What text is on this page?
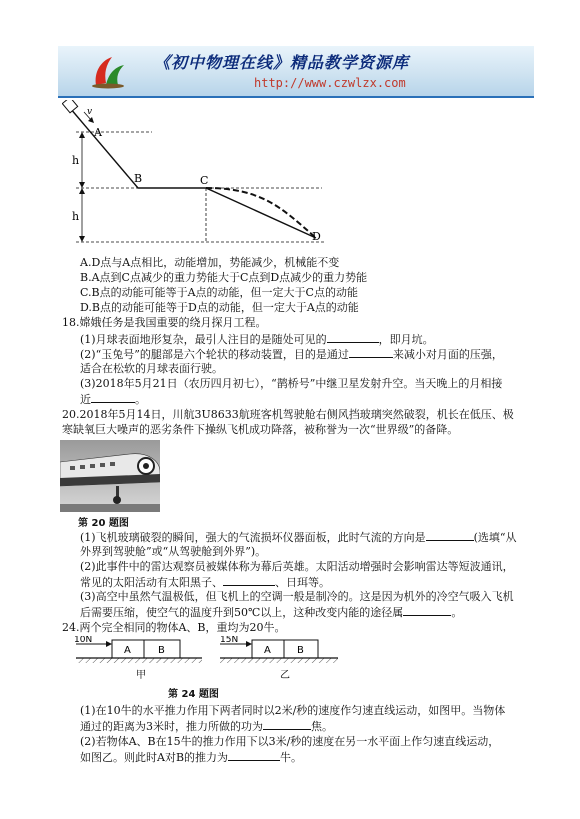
《初中物理在线》精品教学资源库
http://www.czwlzx.com
v
A
B	C
D
h
h
A.D点与A点相比，动能增加，势能减少，机械能不变
B.A点到C点减少的重力势能大于C点到D点减少的重力势能
C.B点的动能可能等于A点的动能，但一定大于C点的动能
D.B点的动能可能等于D点的动能，但一定大于A点的动能
18.嫦娥任务是我国重要的绕月探月工程。
(1)月球表面地形复杂，最引人注目的是随处可见的	，即月坑。
(2)“玉兔号”的腿部是六个轮状的移动装置，目的是通过	来减小对月面的压强，
适合在松软的月球表面行驶。
(3)2018年5月21日（农历四月初七），“鹊桥号”中继卫星发射升空。当天晚上的月相接
近	。
20.2018年5月14日，川航3U8633航班客机驾驶舱右侧风挡玻璃突然破裂，机长在低压、极
寒缺氧巨大噪声的恶劣条件下操纵飞机成功降落，被称誉为一次“世界级”的备降。
第 20 题图
(1)飞机玻璃破裂的瞬间，强大的气流损坏仪器面板，此时气流的方向是	(选填“从
外界到驾驶舱”或“从驾驶舱到外界”)。
(2)此事件中的雷达观察员被媒体称为幕后英雄。太阳活动增强时会影响雷达等短波通讯，
常见的太阳活动有太阳黑子、	、日珥等。
(3)高空中虽然气温极低，但飞机上的空调一般是制冷的。这是因为机外的冷空气吸入飞机
后需要压缩，使空气的温度升到50℃以上，这种改变内能的途径属	。
24.两个完全相同的物体A、B，重均为20牛。
10N
A	B
甲
15N
A	B
乙
第 24 题图
(1)在10牛的水平推力作用下两者同时以2米/秒的速度作匀速直线运动，如图甲。当物体
通过的距离为3米时，推力所做的功为	焦。
(2)若物体A、B在15牛的推力作用下以3米/秒的速度在另一水平面上作匀速直线运动，
如图乙。则此时A对B的推力为	牛。
